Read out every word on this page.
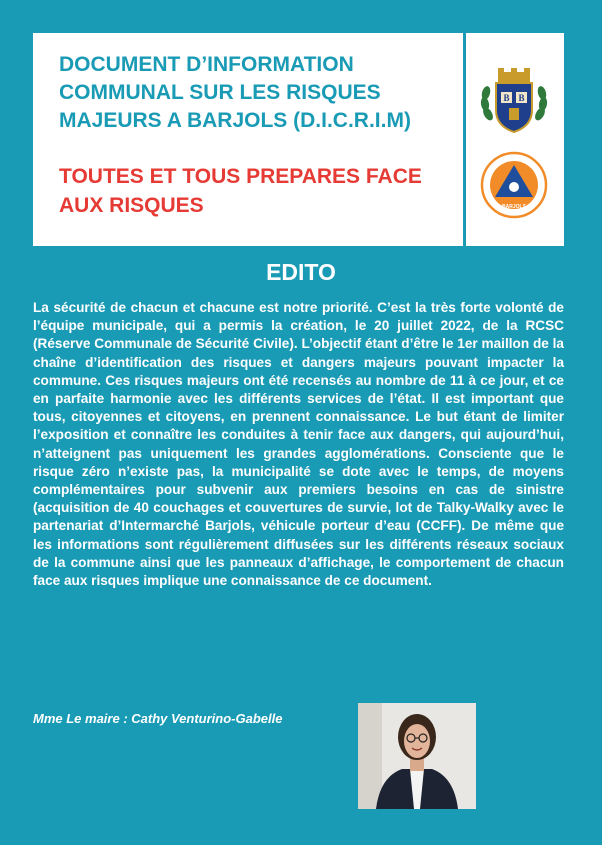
DOCUMENT D’INFORMATION COMMUNAL SUR LES RISQUES MAJEURS A BARJOLS (D.I.C.R.I.M)
TOUTES ET TOUS PREPARES FACE AUX RISQUES
B B
BARJOLS
EDITO

La sécurité de chacun et chacune est notre priorité. C’est la très forte volonté de l’équipe municipale, qui a permis la création, le 20 juillet 2022, de la RCSC (Réserve Communale de Sécurité Civile). L’objectif étant d’être le 1er maillon de la chaîne d’identification des risques et dangers majeurs pouvant impacter la commune. Ces risques majeurs ont été recensés au nombre de 11 à ce jour, et ce en parfaite harmonie avec les différents services de l’état. Il est important que tous, citoyennes et citoyens, en prennent connaissance. Le but étant de limiter l’exposition et connaître les conduites à tenir face aux dangers, qui aujourd’hui, n’atteignent pas uniquement les grandes agglomérations. Consciente que le risque zéro n’existe pas, la municipalité se dote avec le temps, de moyens complémentaires pour subvenir aux premiers besoins en cas de sinistre (acquisition de 40 couchages et couvertures de survie, lot de Talky-Walky avec le partenariat d’Intermarché Barjols, véhicule porteur d’eau (CCFF). De même que les informations sont régulièrement diffusées sur les différents réseaux sociaux de la commune ainsi que les panneaux d’affichage, le comportement de chacun face aux risques implique une connaissance de ce document.

Mme Le maire : Cathy Venturino-Gabelle
